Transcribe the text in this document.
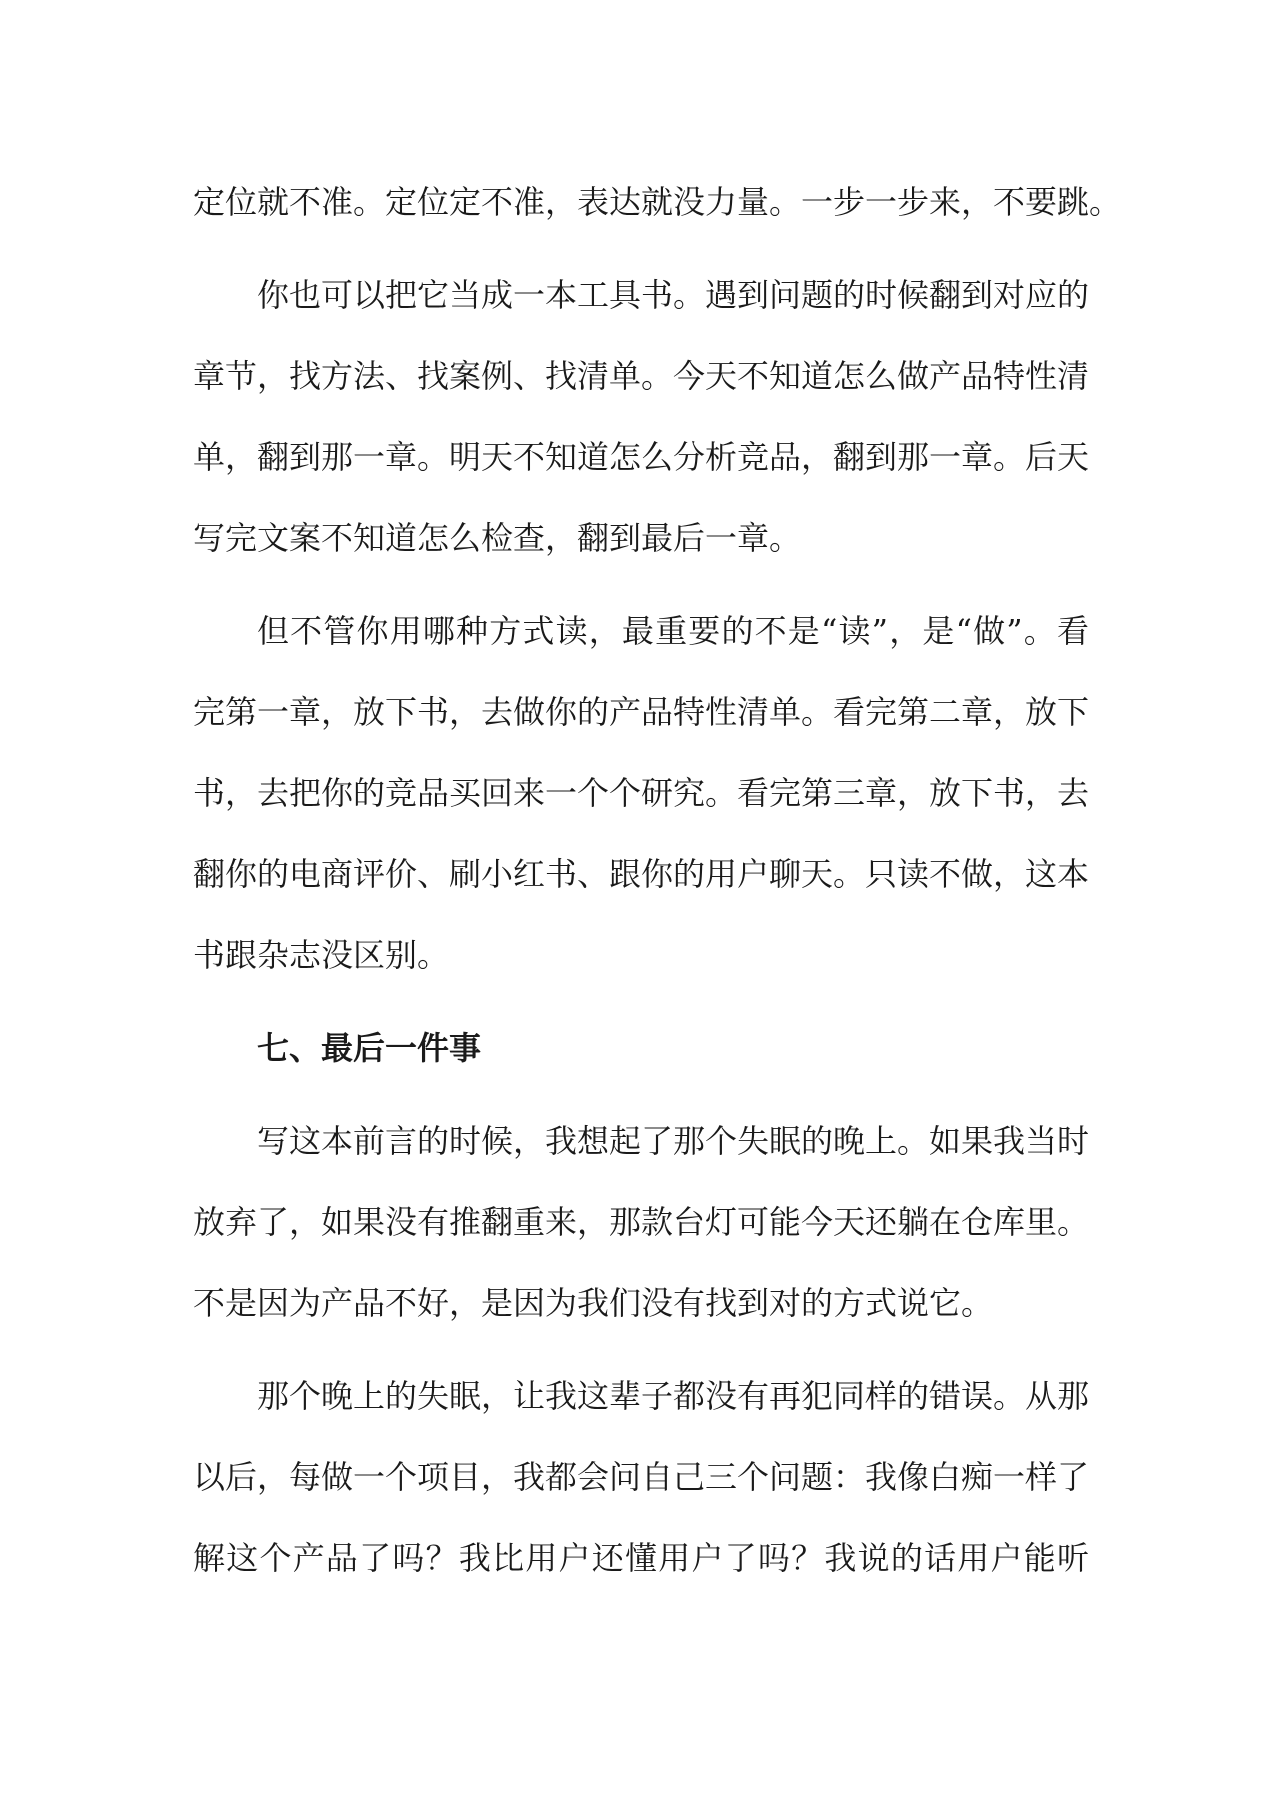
定位就不准。定位定不准，表达就没力量。一步一步来，不要跳。
你也可以把它当成一本工具书。遇到问题的时候翻到对应的
章节，找方法、找案例、找清单。今天不知道怎么做产品特性清
单，翻到那一章。明天不知道怎么分析竞品，翻到那一章。后天
写完文案不知道怎么检查，翻到最后一章。
但不管你用哪种方式读，最重要的不是“读”，是“做”。看
完第一章，放下书，去做你的产品特性清单。看完第二章，放下
书，去把你的竞品买回来一个个研究。看完第三章，放下书，去
翻你的电商评价、刷小红书、跟你的用户聊天。只读不做，这本
书跟杂志没区别。
七、最后一件事
写这本前言的时候，我想起了那个失眠的晚上。如果我当时
放弃了，如果没有推翻重来，那款台灯可能今天还躺在仓库里。
不是因为产品不好，是因为我们没有找到对的方式说它。
那个晚上的失眠，让我这辈子都没有再犯同样的错误。从那
以后，每做一个项目，我都会问自己三个问题：我像白痴一样了
解这个产品了吗？我比用户还懂用户了吗？我说的话用户能听
